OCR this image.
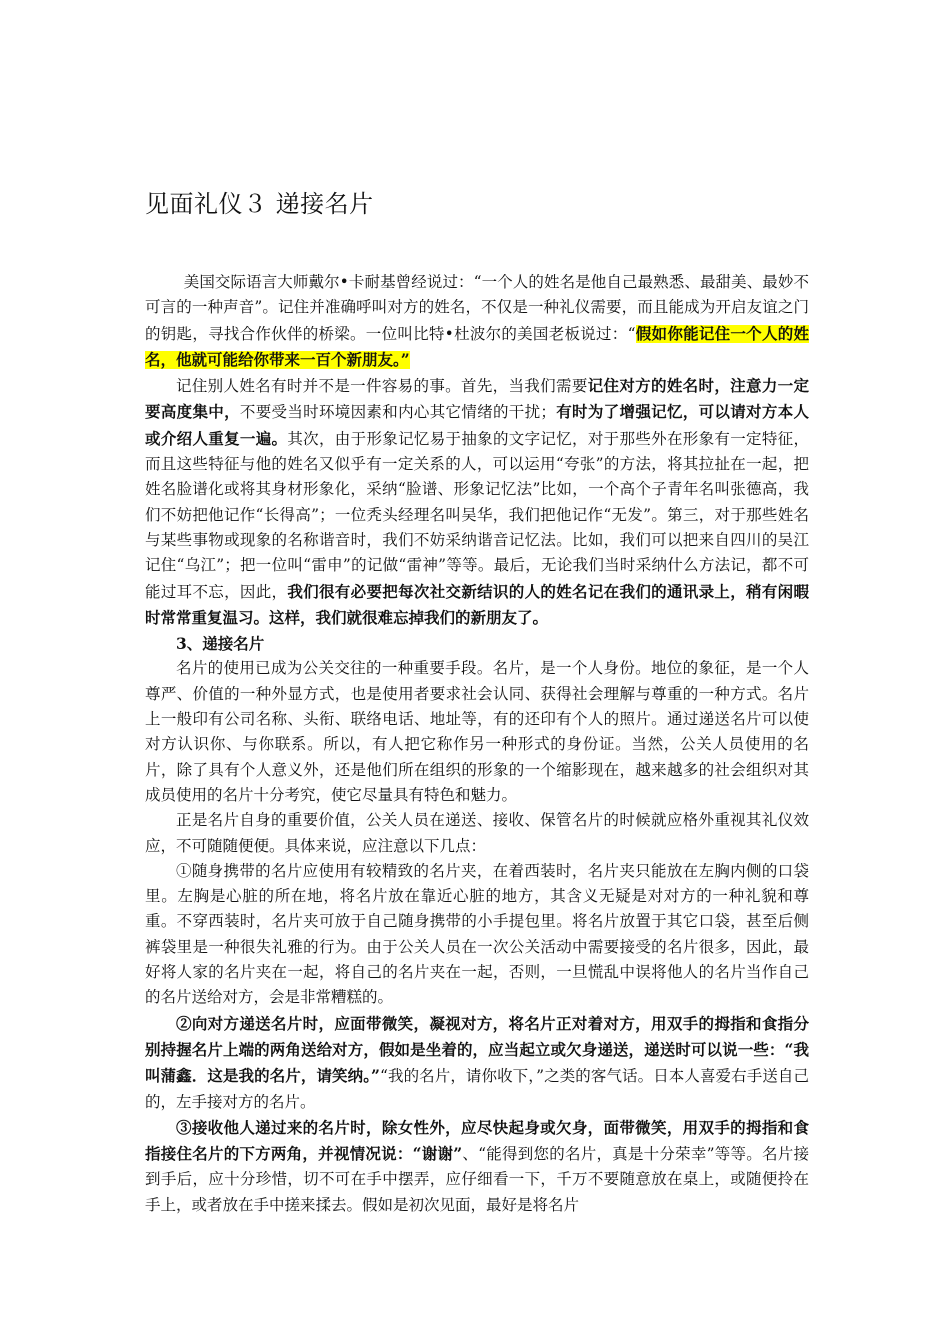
见面礼仪３ 递接名片

美国交际语言大师戴尔•卡耐基曾经说过：“一个人的姓名是他自己最熟悉、最甜美、最妙不可言的一种声音”。记住并准确呼叫对方的姓名，不仅是一种礼仪需要，而且能成为开启友谊之门的钥匙，寻找合作伙伴的桥梁。一位叫比特•杜波尔的美国老板说过：“假如你能记住一个人的姓名，他就可能给你带来一百个新朋友。”

记住别人姓名有时并不是一件容易的事。首先，当我们需要记住对方的姓名时，注意力一定要高度集中，不要受当时环境因素和内心其它情绪的干扰；有时为了增强记忆，可以请对方本人或介绍人重复一遍。其次，由于形象记忆易于抽象的文字记忆，对于那些外在形象有一定特征，而且这些特征与他的姓名又似乎有一定关系的人，可以运用“夸张”的方法，将其拉扯在一起，把姓名脸谱化或将其身材形象化，采纳“脸谱、形象记忆法”比如，一个高个子青年名叫张德高，我们不妨把他记作“长得高”；一位秃头经理名叫吴华，我们把他记作“无发”。第三，对于那些姓名与某些事物或现象的名称谐音时，我们不妨采纳谐音记忆法。比如，我们可以把来自四川的吴江记住“乌江”；把一位叫“雷申”的记做“雷神”等等。最后，无论我们当时采纳什么方法记，都不可能过耳不忘，因此，我们很有必要把每次社交新结识的人的姓名记在我们的通讯录上，稍有闲暇时常常重复温习。这样，我们就很难忘掉我们的新朋友了。

3、递接名片

名片的使用已成为公关交往的一种重要手段。名片，是一个人身份。地位的象征，是一个人尊严、价值的一种外显方式，也是使用者要求社会认同、获得社会理解与尊重的一种方式。名片上一般印有公司名称、头衔、联络电话、地址等，有的还印有个人的照片。通过递送名片可以使对方认识你、与你联系。所以，有人把它称作另一种形式的身份证。当然，公关人员使用的名片，除了具有个人意义外，还是他们所在组织的形象的一个缩影现在，越来越多的社会组织对其成员使用的名片十分考究，使它尽量具有特色和魅力。

正是名片自身的重要价值，公关人员在递送、接收、保管名片的时候就应格外重视其礼仪效应，不可随随便便。具体来说，应注意以下几点：

①随身携带的名片应使用有较精致的名片夹，在着西装时，名片夹只能放在左胸内侧的口袋里。左胸是心脏的所在地，将名片放在靠近心脏的地方，其含义无疑是对对方的一种礼貌和尊重。不穿西装时，名片夹可放于自己随身携带的小手提包里。将名片放置于其它口袋，甚至后侧裤袋里是一种很失礼雅的行为。由于公关人员在一次公关活动中需要接受的名片很多，因此，最好将人家的名片夹在一起，将自己的名片夹在一起，否则，一旦慌乱中误将他人的名片当作自己的名片送给对方，会是非常糟糕的。

②向对方递送名片时，应面带微笑，凝视对方，将名片正对着对方，用双手的拇指和食指分别持握名片上端的两角送给对方，假如是坐着的，应当起立或欠身递送，递送时可以说一些：“我叫蒲鑫．这是我的名片，请笑纳。”“我的名片，请你收下，”之类的客气话。日本人喜爱右手送自己的，左手接对方的名片。

③接收他人递过来的名片时，除女性外，应尽快起身或欠身，面带微笑，用双手的拇指和食指接住名片的下方两角，并视情况说：“谢谢”、“能得到您的名片，真是十分荣幸”等等。名片接到手后，应十分珍惜，切不可在手中摆弄，应仔细看一下，千万不要随意放在桌上，或随便拎在手上，或者放在手中搓来揉去。假如是初次见面，最好是将名片
